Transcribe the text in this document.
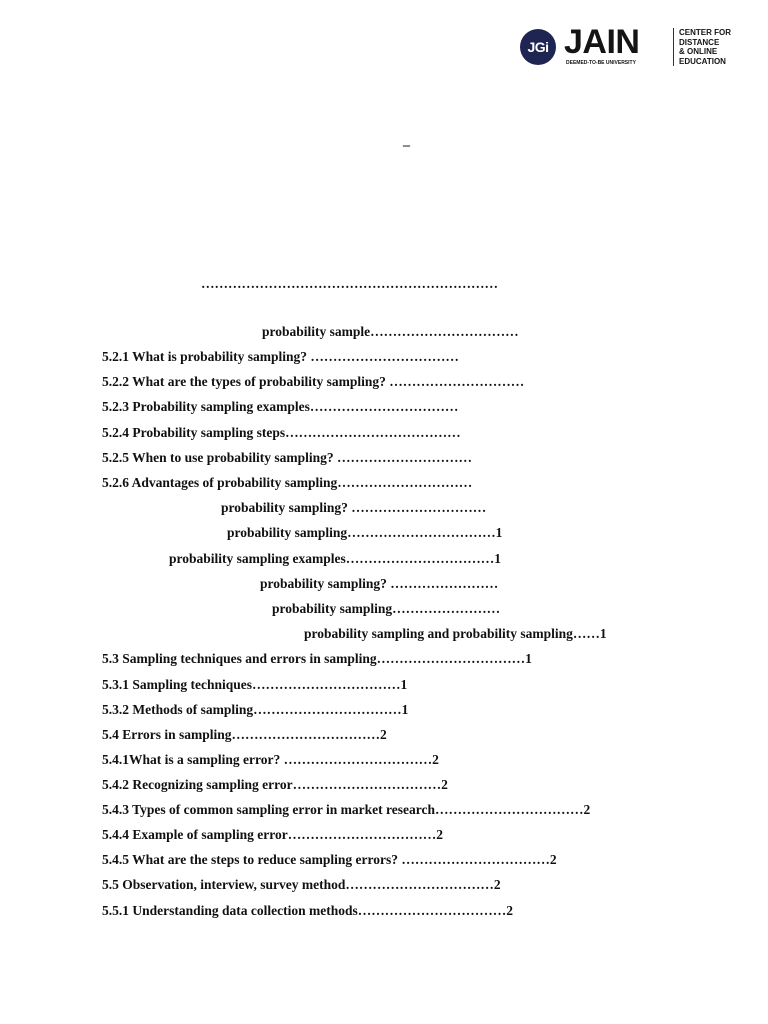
JGi JAIN
DEEMED-TO-BE UNIVERSITY
CENTER FOR
DISTANCE
& ONLINE
EDUCATION
–
…………………………………………………………
probability sample……………………………
5.2.1 What is probability sampling? ……………………………
5.2.2 What are the types of probability sampling? …………………………
5.2.3 Probability sampling examples……………………………
5.2.4 Probability sampling steps…………………………………
5.2.5 When to use probability sampling? …………………………
5.2.6 Advantages of probability sampling…………………………
probability sampling? …………………………
probability sampling……………………………1
probability sampling examples……………………………1
probability sampling? ……………………
probability sampling……………………
probability sampling and probability sampling……1
5.3 Sampling techniques and errors in sampling……………………………1
5.3.1 Sampling techniques……………………………1
5.3.2 Methods of sampling……………………………1
5.4 Errors in sampling……………………………2
5.4.1What is a sampling error? ……………………………2
5.4.2 Recognizing sampling error……………………………2
5.4.3 Types of common sampling error in market research……………………………2
5.4.4 Example of sampling error……………………………2
5.4.5 What are the steps to reduce sampling errors? ……………………………2
5.5 Observation, interview, survey method……………………………2
5.5.1 Understanding data collection methods……………………………2
